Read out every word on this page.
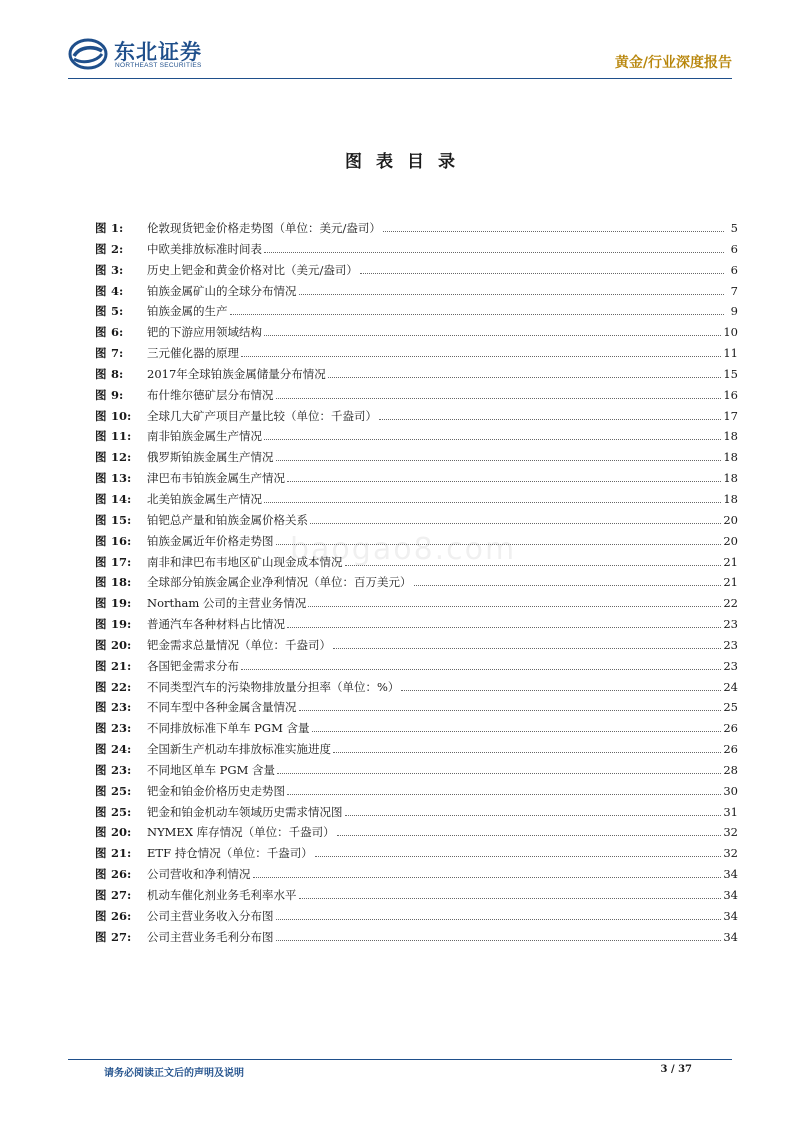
东北证券
NORTHEAST SECURITIES	黄金/行业深度报告
图表目录
图 1:	伦敦现货钯金价格走势图（单位：美元/盎司）	5
图 2:	中欧美排放标准时间表	6
图 3:	历史上钯金和黄金价格对比（美元/盎司）	6
图 4:	铂族金属矿山的全球分布情况	7
图 5:	铂族金属的生产	9
图 6:	钯的下游应用领域结构	10
图 7:	三元催化器的原理	11
图 8:	2017年全球铂族金属储量分布情况	15
图 9:	布什维尔德矿层分布情况	16
图 10:	全球几大矿产项目产量比较（单位：千盎司）	17
图 11:	南非铂族金属生产情况	18
图 12:	俄罗斯铂族金属生产情况	18
图 13:	津巴布韦铂族金属生产情况	18
图 14:	北美铂族金属生产情况	18
图 15:	铂钯总产量和铂族金属价格关系	20
图 16:	铂族金属近年价格走势图	20
图 17:	南非和津巴布韦地区矿山现金成本情况	21
图 18:	全球部分铂族金属企业净利情况（单位：百万美元）	21
图 19:	Northam 公司的主营业务情况	22
图 19:	普通汽车各种材料占比情况	23
图 20:	钯金需求总量情况（单位：千盎司）	23
图 21:	各国钯金需求分布	23
图 22:	不同类型汽车的污染物排放量分担率（单位：%）	24
图 23:	不同车型中各种金属含量情况	25
图 23:	不同排放标准下单车 PGM 含量	26
图 24:	全国新生产机动车排放标准实施进度	26
图 23:	不同地区单车 PGM 含量	28
图 25:	钯金和铂金价格历史走势图	30
图 25:	钯金和铂金机动车领域历史需求情况图	31
图 20:	NYMEX 库存情况（单位：千盎司）	32
图 21:	ETF 持仓情况（单位：千盎司）	32
图 26:	公司营收和净利情况	34
图 27:	机动车催化剂业务毛利率水平	34
图 26:	公司主营业务收入分布图	34
图 27:	公司主营业务毛利分布图	34
baogao8.com
请务必阅读正文后的声明及说明	3 / 37
